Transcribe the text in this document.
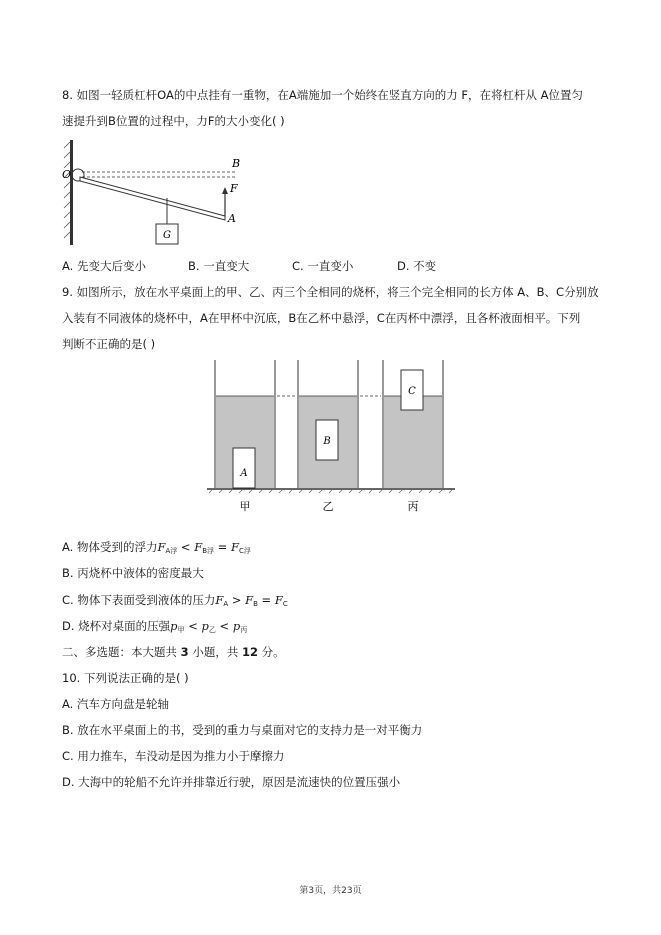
8. 如图一轻质杠杆OA的中点挂有一重物，在A端施加一个始终在竖直方向的力 F，在将杠杆从 A位置匀
速提升到B位置的过程中，力F的大小变化( )
G
O
B
F
A
A. 先变大后变小	B. 一直变大	C. 一直变小	D. 不变
9. 如图所示，放在水平桌面上的甲、乙、丙三个全相同的烧杯，将三个完全相同的长方体 A、B、C分别放
入装有不同液体的烧杯中，A在甲杯中沉底，B在乙杯中悬浮，C在丙杯中漂浮，且各杯液面相平。下列
判断不正确的是( )
A
B
C
甲	乙	丙
A. 物体受到的浮力$F_{A浮} < F_{B浮} = F_{C浮}$
B. 丙烧杯中液体的密度最大
C. 物体下表面受到液体的压力$F_A > F_B = F_C$
D. 烧杯对桌面的压强$p_甲 < p_乙 < p_丙$
二、多选题：本大题共 3 小题，共 12 分。
10. 下列说法正确的是( )
A. 汽车方向盘是轮轴
B. 放在水平桌面上的书，受到的重力与桌面对它的支持力是一对平衡力
C. 用力推车，车没动是因为推力小于摩擦力
D. 大海中的轮船不允许并排靠近行驶，原因是流速快的位置压强小
第3页，共23页
